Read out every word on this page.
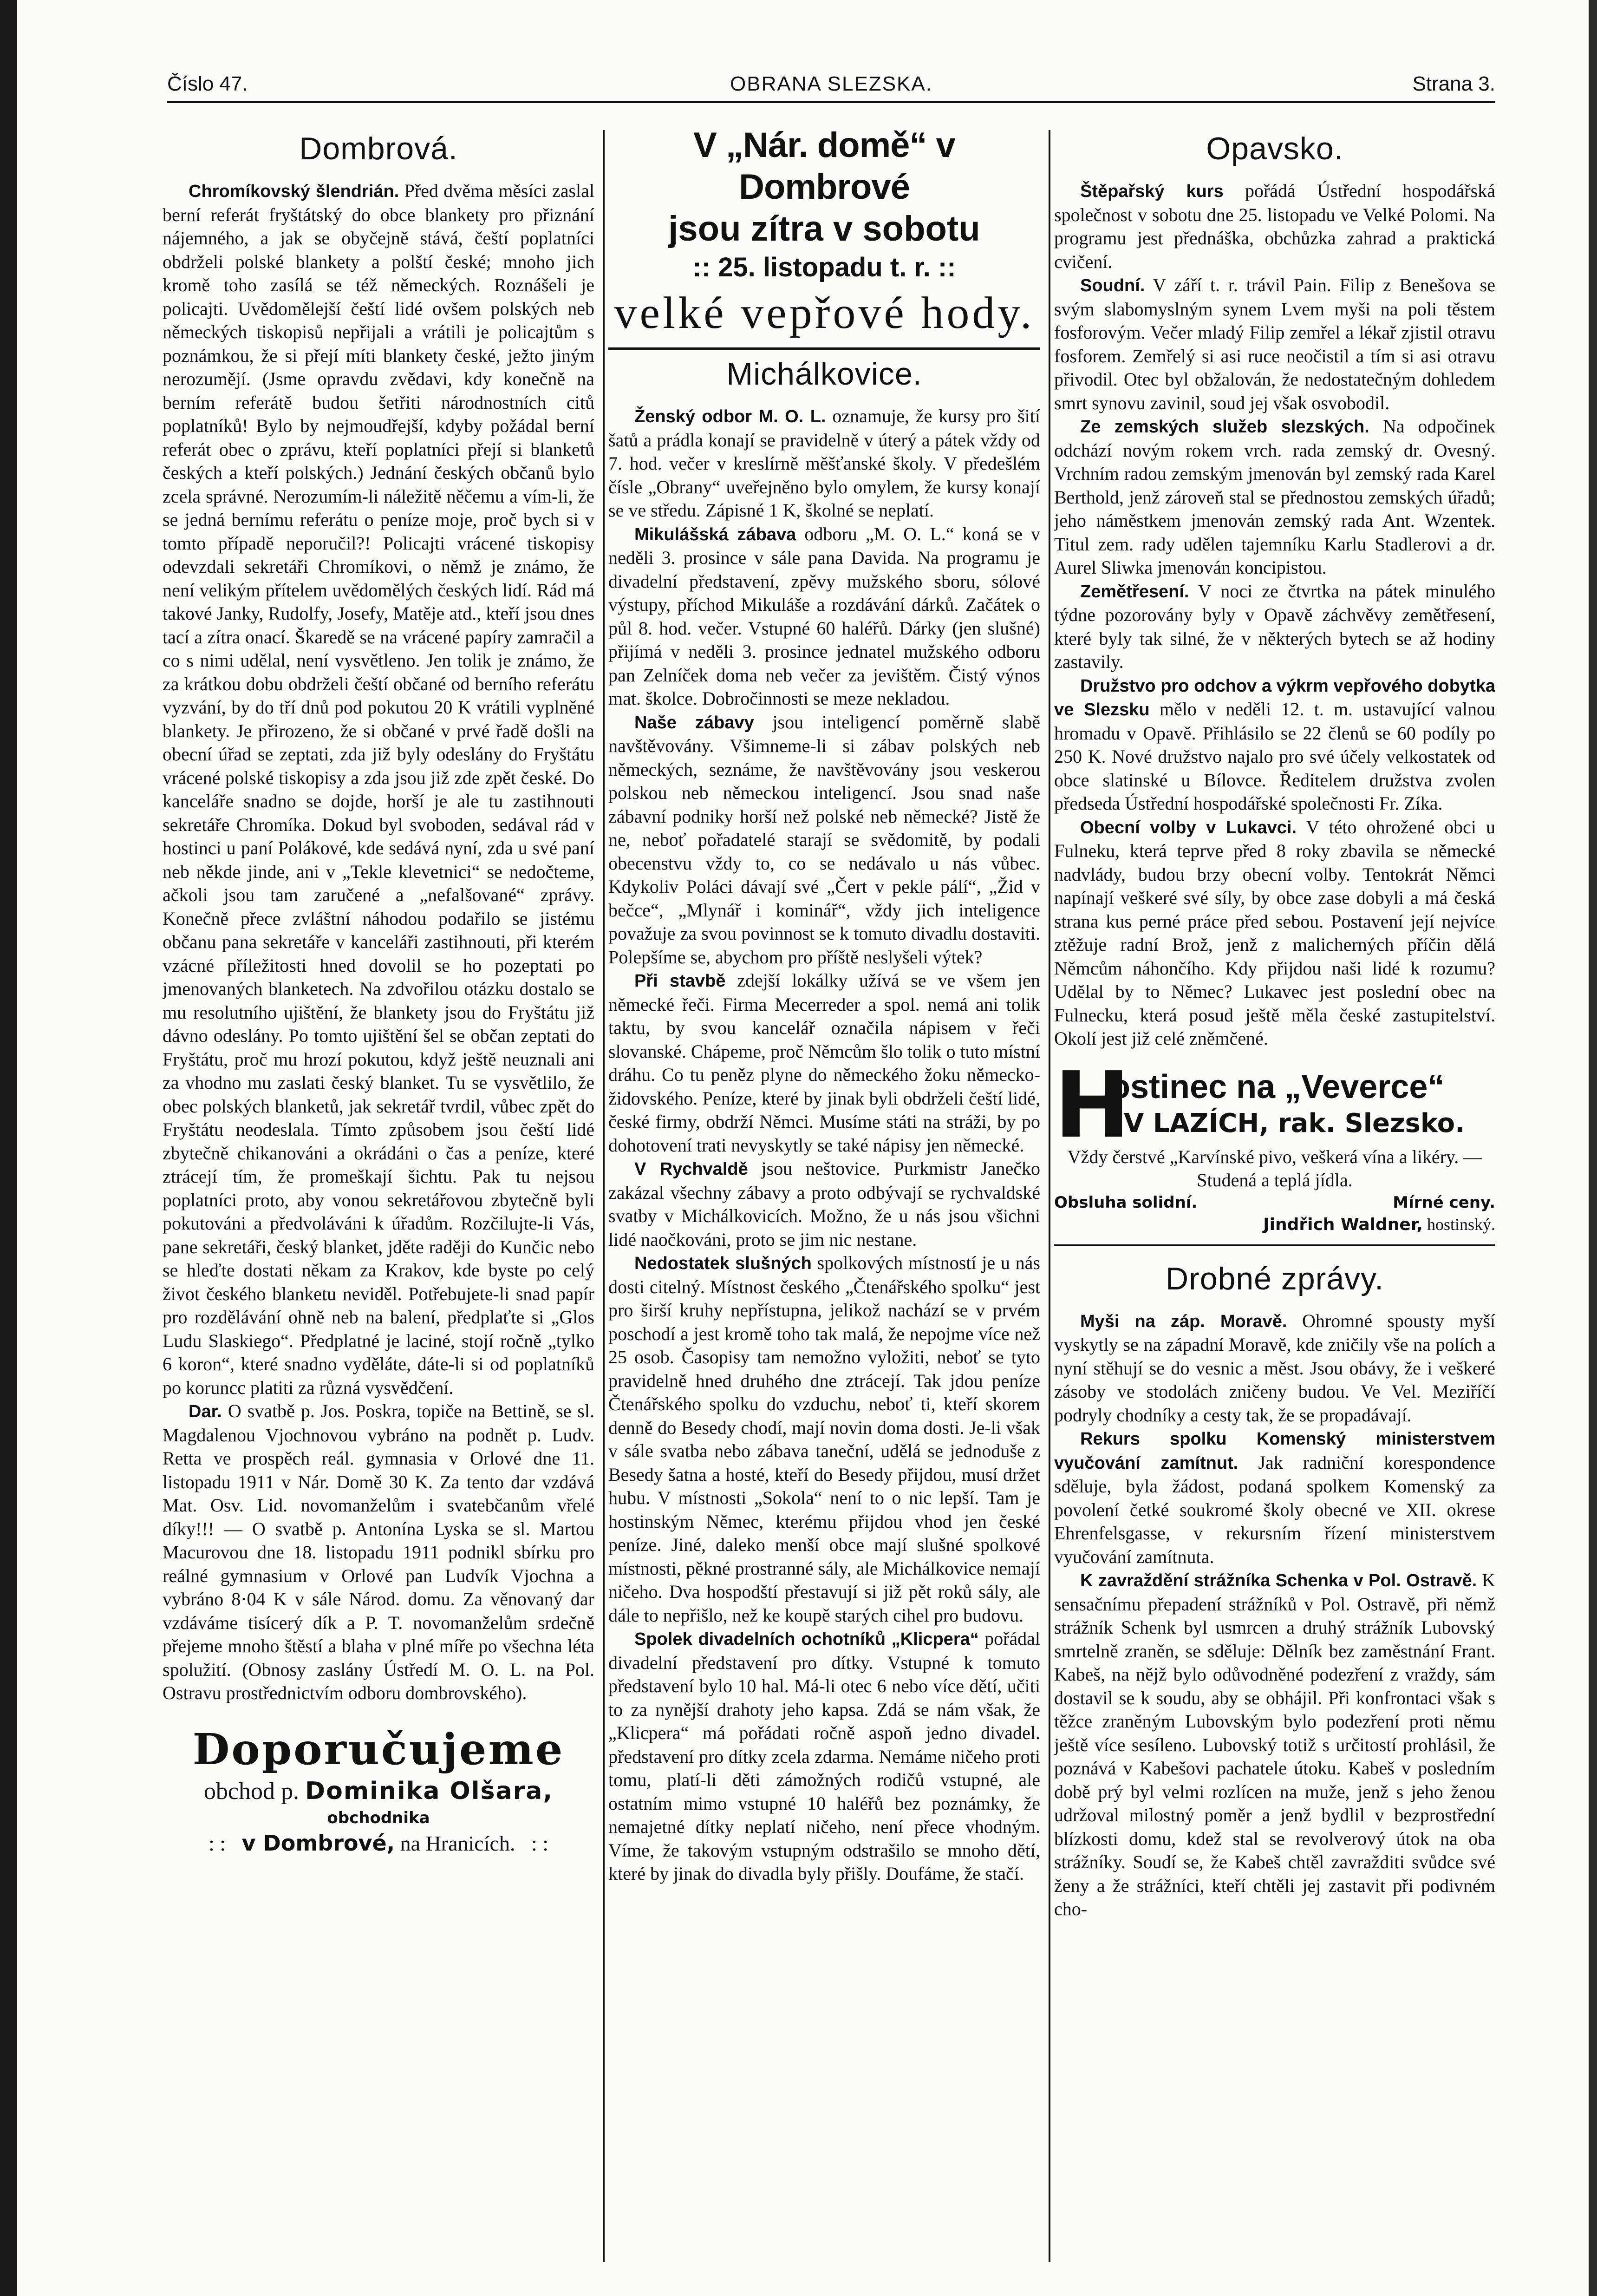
Číslo 47.	OBRANA SLEZSKA.	Strana 3.
Dombrová.

Chromíkovský šlendrián. Před dvěma měsíci zaslal berní referát fryštátský do obce blankety pro přiznání nájemného, a jak se obyčejně stává, čeští poplatníci obdrželi polské blankety a polští české; mnoho jich kromě toho zasílá se též německých. Roznášeli je policajti. Uvědomělejší čeští lidé ovšem polských neb německých tiskopisů nepřijali a vrátili je policajtům s poznámkou, že si přejí míti blankety české, ježto jiným nerozumějí. (Jsme opravdu zvědavi, kdy konečně na berním referátě budou šetřiti národnostních citů poplatníků! Bylo by nejmoudřejší, kdyby požádal berní referát obec o zprávu, kteří poplatníci přejí si blanketů českých a kteří polských.) Jednání českých občanů bylo zcela správné. Nerozumím-li náležitě něčemu a vím-li, že se jedná bernímu referátu o peníze moje, proč bych si v tomto případě neporučil?! Policajti vrácené tiskopisy odevzdali sekretáři Chromíkovi, o němž je známo, že není velikým přítelem uvědomělých českých lidí. Rád má takové Janky, Rudolfy, Josefy, Matěje atd., kteří jsou dnes tací a zítra onací. Škaredě se na vrácené papíry zamračil a co s nimi udělal, není vysvětleno. Jen tolik je známo, že za krátkou dobu obdrželi čeští občané od berního referátu vyzvání, by do tří dnů pod pokutou 20 K vrátili vyplněné blankety. Je přirozeno, že si občané v prvé řadě došli na obecní úřad se zeptati, zda již byly odeslány do Fryštátu vrácené polské tiskopisy a zda jsou již zde zpět české. Do kanceláře snadno se dojde, horší je ale tu zastihnouti sekretáře Chromíka. Dokud byl svoboden, sedával rád v hostinci u paní Polákové, kde sedává nyní, zda u své paní neb někde jinde, ani v „Tekle klevetnici“ se nedočteme, ačkoli jsou tam zaručené a „nefalšované“ zprávy. Konečně přece zvláštní náhodou podařilo se jistému občanu pana sekretáře v kanceláři zastihnouti, při kterém vzácné příležitosti hned dovolil se ho pozeptati po jmenovaných blanketech. Na zdvořilou otázku dostalo se mu resolutního ujištění, že blankety jsou do Fryštátu již dávno odeslány. Po tomto ujištění šel se občan zeptati do Fryštátu, proč mu hrozí pokutou, když ještě neuznali ani za vhodno mu zaslati český blanket. Tu se vysvětlilo, že obec polských blanketů, jak sekretář tvrdil, vůbec zpět do Fryštátu neodeslala. Tímto způsobem jsou čeští lidé zbytečně chikanováni a okrádáni o čas a peníze, které ztrácejí tím, že promeškají šichtu. Pak tu nejsou poplatníci proto, aby vonou sekretářovou zbytečně byli pokutováni a předvoláváni k úřadům. Rozčilujte-li Vás, pane sekretáři, český blanket, jděte raději do Kunčic nebo se hleďte dostati někam za Krakov, kde byste po celý život českého blanketu neviděl. Potřebujete-li snad papír pro rozdělávání ohně neb na balení, předplaťte si „Glos Ludu Slaskiego“. Předplatné je laciné, stojí ročně „tylko 6 koron“, které snadno vyděláte, dáte-li si od poplatníků po koruncc platiti za různá vysvědčení.

Dar. O svatbě p. Jos. Poskra, topiče na Bettině, se sl. Magdalenou Vjochnovou vybráno na podnět p. Ludv. Retta ve prospěch reál. gymnasia v Orlové dne 11. listopadu 1911 v Nár. Domě 30 K. Za tento dar vzdává Mat. Osv. Lid. novomanželům i svatebčanům vřelé díky!!! — O svatbě p. Antonína Lyska se sl. Martou Macurovou dne 18. listopadu 1911 podnikl sbírku pro reálné gymnasium v Orlové pan Ludvík Vjochna a vybráno 8·04 K v sále Národ. domu. Za věnovaný dar vzdáváme tisícerý dík a P. T. novomanželům srdečně přejeme mnoho štěstí a blaha v plné míře po všechna léta spolužití. (Obnosy zaslány Ústředí M. O. L. na Pol. Ostravu prostřednictvím odboru dombrovského).

Doporučujeme
obchod p. Dominika Olšara,
obchodnika
: : v Dombrové, na Hranicích. : :
V „Nár. domě“ v Dombrové
jsou zítra v sobotu
:: 25. listopadu t. r. ::
velké vepřové hody.
Michálkovice.

Ženský odbor M. O. L. oznamuje, že kursy pro šití šatů a prádla konají se pravidelně v úterý a pátek vždy od 7. hod. večer v kreslírně měšťanské školy. V předešlém čísle „Obrany“ uveřejněno bylo omylem, že kursy konají se ve středu. Zápisné 1 K, školné se neplatí.

Mikulášská zábava odboru „M. O. L.“ koná se v neděli 3. prosince v sále pana Davida. Na programu je divadelní představení, zpěvy mužského sboru, sólové výstupy, příchod Mikuláše a rozdávání dárků. Začátek o půl 8. hod. večer. Vstupné 60 haléřů. Dárky (jen slušné) přijímá v neděli 3. prosince jednatel mužského odboru pan Zelníček doma neb večer za jevištěm. Čistý výnos mat. školce. Dobročinnosti se meze nekladou.

Naše zábavy jsou inteligencí poměrně slabě navštěvovány. Všimneme-li si zábav polských neb německých, seznáme, že navštěvovány jsou veskerou polskou neb německou inteligencí. Jsou snad naše zábavní podniky horší než polské neb německé? Jistě že ne, neboť pořadatelé starají se svědomitě, by podali obecenstvu vždy to, co se nedávalo u nás vůbec. Kdykoliv Poláci dávají své „Čert v pekle pálí“, „Žid v bečce“, „Mlynář i kominář“, vždy jich inteligence považuje za svou povinnost se k tomuto divadlu dostaviti. Polepšíme se, abychom pro příště neslyšeli výtek?

Při stavbě zdejší lokálky užívá se ve všem jen německé řeči. Firma Mecerreder a spol. nemá ani tolik taktu, by svou kancelář označila nápisem v řeči slovanské. Chápeme, proč Němcům šlo tolik o tuto místní dráhu. Co tu peněz plyne do německého žoku německo-židovského. Peníze, které by jinak byli obdrželi čeští lidé, české firmy, obdrží Němci. Musíme státi na stráži, by po dohotovení trati nevyskytly se také nápisy jen německé.

V Rychvaldě jsou neštovice. Purkmistr Janečko zakázal všechny zábavy a proto odbývají se rychvaldské svatby v Michálkovicích. Možno, že u nás jsou všichni lidé naočkováni, proto se jim nic nestane.

Nedostatek slušných spolkových místností je u nás dosti citelný. Místnost českého „Čtenářského spolku“ jest pro širší kruhy nepřístupna, jelikož nachází se v prvém poschodí a jest kromě toho tak malá, že nepojme více než 25 osob. Časopisy tam nemožno vyložiti, neboť se tyto pravidelně hned druhého dne ztrácejí. Tak jdou peníze Čtenářského spolku do vzduchu, neboť ti, kteří skorem denně do Besedy chodí, mají novin doma dosti. Je-li však v sále svatba nebo zábava taneční, udělá se jednoduše z Besedy šatna a hosté, kteří do Besedy přijdou, musí držet hubu. V místnosti „Sokola“ není to o nic lepší. Tam je hostinským Němec, kterému přijdou vhod jen české peníze. Jiné, daleko menší obce mají slušné spolkové místnosti, pěkné prostranné sály, ale Michálkovice nemají ničeho. Dva hospodští přestavují si již pět roků sály, ale dále to nepřišlo, než ke koupě starých cihel pro budovu.

Spolek divadelních ochotníků „Klicpera“ pořádal divadelní představení pro dítky. Vstupné k tomuto představení bylo 10 hal. Má-li otec 6 nebo více dětí, učiti to za nynější drahoty jeho kapsa. Zdá se nám však, že „Klicpera“ má pořádati ročně aspoň jedno divadel. představení pro dítky zcela zdarma. Nemáme ničeho proti tomu, platí-li děti zámožných rodičů vstupné, ale ostatním mimo vstupné 10 haléřů bez poznámky, že nemajetné dítky neplatí ničeho, není přece vhodným. Víme, že takovým vstupným odstrašilo se mnoho dětí, které by jinak do divadla byly přišly. Doufáme, že stačí.

Opavsko.

Štěpařský kurs pořádá Ústřední hospodářská společnost v sobotu dne 25. listopadu ve Velké Polomi. Na programu jest přednáška, obchůzka zahrad a praktická cvičení.

Soudní. V září t. r. trávil Pain. Filip z Benešova se svým slabomyslným synem Lvem myši na poli těstem fosforovým. Večer mladý Filip zemřel a lékař zjistil otravu fosforem. Zemřelý si asi ruce neočistil a tím si asi otravu přivodil. Otec byl obžalován, že nedostatečným dohledem smrt synovu zavinil, soud jej však osvobodil.

Ze zemských služeb slezských. Na odpočinek odchází novým rokem vrch. rada zemský dr. Ovesný. Vrchním radou zemským jmenován byl zemský rada Karel Berthold, jenž zároveň stal se přednostou zemských úřadů; jeho náměstkem jmenován zemský rada Ant. Wzentek. Titul zem. rady udělen tajemníku Karlu Stadlerovi a dr. Aurel Sliwka jmenován koncipistou.

Zemětřesení. V noci ze čtvrtka na pátek minulého týdne pozorovány byly v Opavě záchvěvy zemětřesení, které byly tak silné, že v některých bytech se až hodiny zastavily.

Družstvo pro odchov a výkrm vepřového dobytka ve Slezsku mělo v neděli 12. t. m. ustavující valnou hromadu v Opavě. Přihlásilo se 22 členů se 60 podíly po 250 K. Nové družstvo najalo pro své účely velkostatek od obce slatinské u Bílovce. Ředitelem družstva zvolen předseda Ústřední hospodářské společnosti Fr. Zíka.

Obecní volby v Lukavci. V této ohrožené obci u Fulneku, která teprve před 8 roky zbavila se německé nadvlády, budou brzy obecní volby. Tentokrát Němci napínají veškeré své síly, by obce zase dobyli a má česká strana kus perné práce před sebou. Postavení její nejvíce ztěžuje radní Brož, jenž z malicherných příčin dělá Němcům náhončího. Kdy přijdou naši lidé k rozumu? Udělal by to Němec? Lukavec jest poslední obec na Fulnecku, která posud ještě měla české zastupitelství. Okolí jest již celé zněmčené.

H
ostinec na „Veverce“
V LAZÍCH, rak. Slezsko.
Vždy čerstvé „Karvínské pivo, veškerá vína a likéry. — Studená a teplá jídla.
Obsluha solidní.	Mírné ceny.
Jindřich Waldner, hostinský.
Drobné zprávy.

Myši na záp. Moravě. Ohromné spousty myší vyskytly se na západní Moravě, kde zničily vše na polích a nyní stěhují se do vesnic a měst. Jsou obávy, že i veškeré zásoby ve stodolách zničeny budou. Ve Vel. Meziříčí podryly chodníky a cesty tak, že se propadávají.

Rekurs spolku Komenský ministerstvem vyučování zamítnut. Jak radniční korespondence sděluje, byla žádost, podaná spolkem Komenský za povolení četké soukromé školy obecné ve XII. okrese Ehrenfelsgasse, v rekursním řízení ministerstvem vyučování zamítnuta.

K zavraždění strážníka Schenka v Pol. Ostravě. K sensačnímu přepadení strážníků v Pol. Ostravě, při němž strážník Schenk byl usmrcen a druhý strážník Lubovský smrtelně zraněn, se sděluje: Dělník bez zaměstnání Frant. Kabeš, na nějž bylo odůvodněné podezření z vraždy, sám dostavil se k soudu, aby se obhájil. Při konfrontaci však s těžce zraněným Lubovským bylo podezření proti němu ještě více sesíleno. Lubovský totiž s určitostí prohlásil, že poznává v Kabešovi pachatele útoku. Kabeš v posledním době prý byl velmi rozlícen na muže, jenž s jeho ženou udržoval milostný poměr a jenž bydlil v bezprostřední blízkosti domu, kdež stal se revolverový útok na oba strážníky. Soudí se, že Kabeš chtěl zavražditi svůdce své ženy a že strážníci, kteří chtěli jej zastavit při podivném cho-
